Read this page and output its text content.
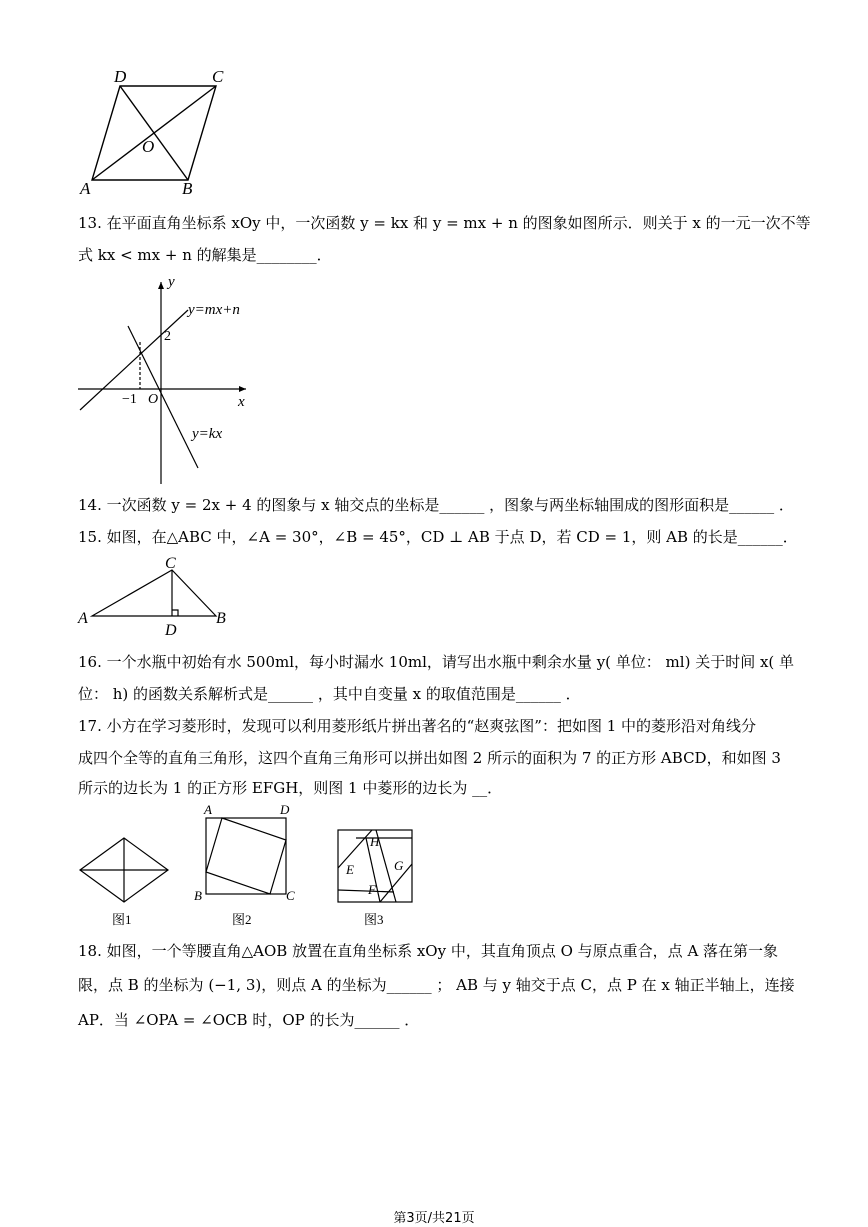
D	C
O
A	B
13. 在平面直角坐标系 xOy 中，一次函数 y = kx 和 y = mx + n 的图象如图所示．则关于 x 的一元一次不等
式 kx < mx + n 的解集是________．
y
x
O
2
−1
y=mx+n
y=kx
14. 一次函数 y = 2x + 4 的图象与 x 轴交点的坐标是______ ，图象与两坐标轴围成的图形面积是______ ．
15. 如图，在△ABC 中，∠A = 30°，∠B = 45°，CD ⊥ AB 于点 D，若 CD = 1，则 AB 的长是______．
C
A	B
D
16. 一个水瓶中初始有水 500ml，每小时漏水 10ml，请写出水瓶中剩余水量 y( 单位： ml) 关于时间 x( 单
位： h) 的函数关系解析式是______ ，其中自变量 x 的取值范围是______ ．
17. 小方在学习菱形时，发现可以利用菱形纸片拼出著名的“赵爽弦图”：把如图 1 中的菱形沿对角线分
成四个全等的直角三角形，这四个直角三角形可以拼出如图 2 所示的面积为 7 的正方形 ABCD，和如图 3
所示的边长为 1 的正方形 EFGH，则图 1 中菱形的边长为 __．
A	D
B	C
H
G
E
F
图1	图2	图3
18. 如图，一个等腰直角△AOB 放置在直角坐标系 xOy 中，其直角顶点 O 与原点重合，点 A 落在第一象
限，点 B 的坐标为 (−1, 3)，则点 A 的坐标为______ ； AB 与 y 轴交于点 C，点 P 在 x 轴正半轴上，连接
AP．当 ∠OPA = ∠OCB 时，OP 的长为______ ．
第3页/共21页
